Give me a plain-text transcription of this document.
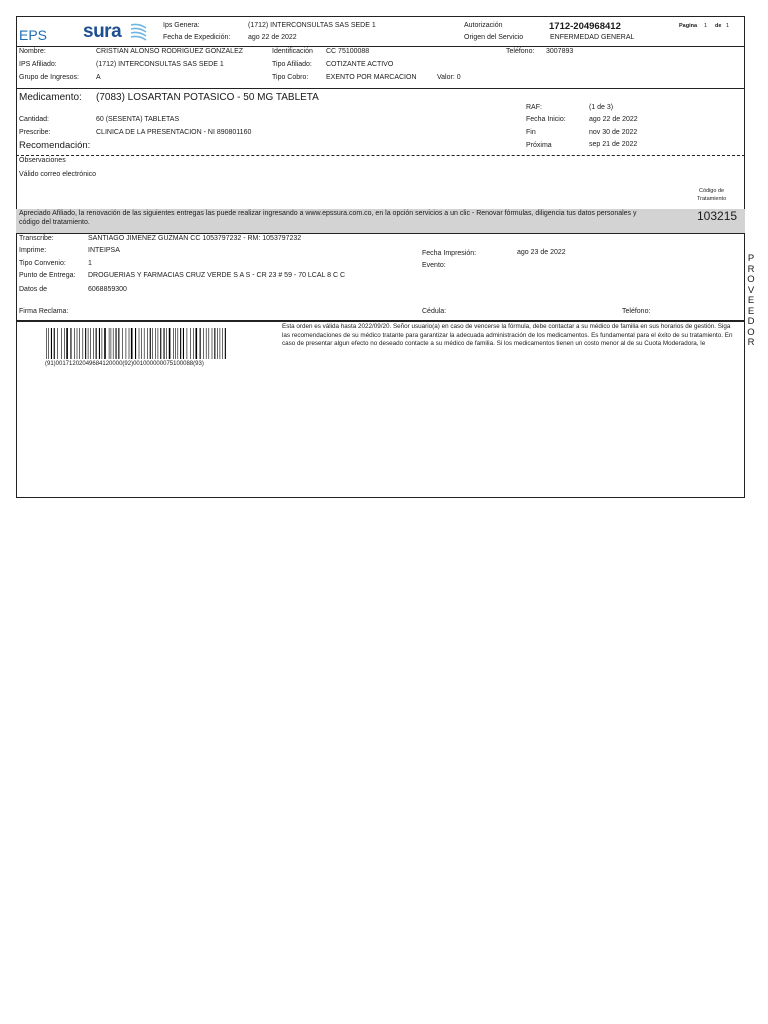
EPS sura	Ips Genera:	(1712) INTERCONSULTAS SAS SEDE 1
Fecha de Expedición:	ago 22 de 2022
Autorización	1712-204968412
Origen del Servicio	ENFERMEDAD GENERAL
Pagina 1 de 1
Nombre:	CRISTIAN ALONSO RODRIGUEZ GONZALEZ	Identificación CC 75100088	Teléfono: 3007893
IPS Afiliado:	(1712) INTERCONSULTAS SAS SEDE 1	Tipo Afiliado: COTIZANTE ACTIVO
Grupo de Ingresos: A	Tipo Cobro:	EXENTO POR MARCACION	Valor: 0
Medicamento: (7083) LOSARTAN POTASICO - 50 MG TABLETA
RAF:	(1 de 3)
Cantidad:	60 (SESENTA) TABLETAS	Fecha Inicio:	ago 22 de 2022
Prescribe:	CLINICA DE LA PRESENTACION - NI 890801160	Fin	nov 30 de 2022
Recomendación:	Próxima	sep 21 de 2022
Observaciones
Válido correo electrónico
Código de
Tratamiento
103215
Apreciado Afiliado, la renovación de las siguientes entregas las puede realizar ingresando a www.epssura.com.co, en la opción servicios a un clic - Renovar fórmulas, diligencia tus datos personales y
código del tratamiento.
Transcribe:	SANTIAGO JIMENEZ GUZMAN CC 1053797232 - RM: 1053797232
Imprime:	INTEIPSA	Fecha Impresión:	ago 23 de 2022
Tipo Convenio:	1	Evento:
Punto de Entrega: DROGUERIAS Y FARMACIAS CRUZ VERDE S A S - CR 23 # 59 - 70 LCAL 8 C C
Datos de	6068859300
Firma Reclama:	Cédula:	Teléfono:
P
R
O
V
E
E
D
O
R
(91)00171202049684120000(92)001000000075100088(93)
Esta orden es válida hasta 2022/09/20. Señor usuario(a) en caso de vencerse la fórmula, debe contactar a su médico de familia en sus horarios de gestión. Siga las recomendaciones de su médico tratante para garantizar la adecuada administración de los medicamentos. Es fundamental para el éxito de su tratamiento. En caso de presentar algun efecto no deseado contacte a su médico de familia. Si los medicamentos tienen un costo menor al de su Cuota Moderadora, le
